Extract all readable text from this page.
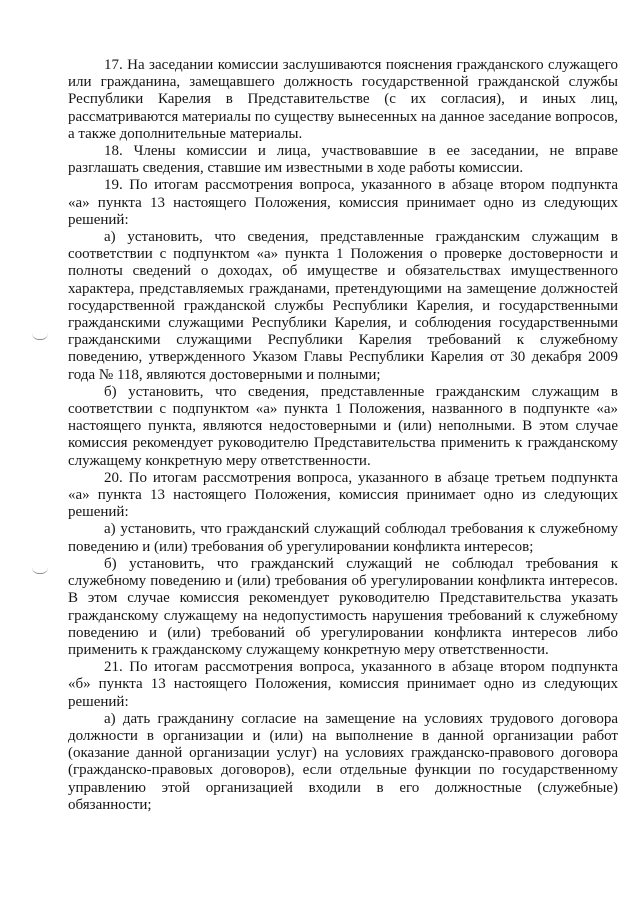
17. На заседании комиссии заслушиваются пояснения гражданского служащего или гражданина, замещавшего должность государственной гражданской службы Республики Карелия в Представительстве (с их согласия), и иных лиц, рассматриваются материалы по существу вынесенных на данное заседание вопросов, а также дополнительные материалы.

18. Члены комиссии и лица, участвовавшие в ее заседании, не вправе разглашать сведения, ставшие им известными в ходе работы комиссии.

19. По итогам рассмотрения вопроса, указанного в абзаце втором подпункта «а» пункта 13 настоящего Положения, комиссия принимает одно из следующих решений:

а) установить, что сведения, представленные гражданским служащим в соответствии с подпунктом «а» пункта 1 Положения о проверке достоверности и полноты сведений о доходах, об имуществе и обязательствах имущественного характера, представляемых гражданами, претендующими на замещение должностей государственной гражданской службы Республики Карелия, и государственными гражданскими служащими Республики Карелия, и соблюдения государственными гражданскими служащими Республики Карелия требований к служебному поведению, утвержденного Указом Главы Республики Карелия от 30 декабря 2009 года № 118, являются достоверными и полными;

б) установить, что сведения, представленные гражданским служащим в соответствии с подпунктом «а» пункта 1 Положения, названного в подпункте «а» настоящего пункта, являются недостоверными и (или) неполными. В этом случае комиссия рекомендует руководителю Представительства применить к гражданскому служащему конкретную меру ответственности.

20. По итогам рассмотрения вопроса, указанного в абзаце третьем подпункта «а» пункта 13 настоящего Положения, комиссия принимает одно из следующих решений:

а) установить, что гражданский служащий соблюдал требования к служебному поведению и (или) требования об урегулировании конфликта интересов;

б) установить, что гражданский служащий не соблюдал требования к служебному поведению и (или) требования об урегулировании конфликта интересов. В этом случае комиссия рекомендует руководителю Представительства указать гражданскому служащему на недопустимость нарушения требований к служебному поведению и (или) требований об урегулировании конфликта интересов либо применить к гражданскому служащему конкретную меру ответственности.

21. По итогам рассмотрения вопроса, указанного в абзаце втором подпункта «б» пункта 13 настоящего Положения, комиссия принимает одно из следующих решений:

а) дать гражданину согласие на замещение на условиях трудового договора должности в организации и (или) на выполнение в данной организации работ (оказание данной организации услуг) на условиях гражданско-правового договора (гражданско-правовых договоров), если отдельные функции по государственному управлению этой организацией входили в его должностные (служебные) обязанности;
